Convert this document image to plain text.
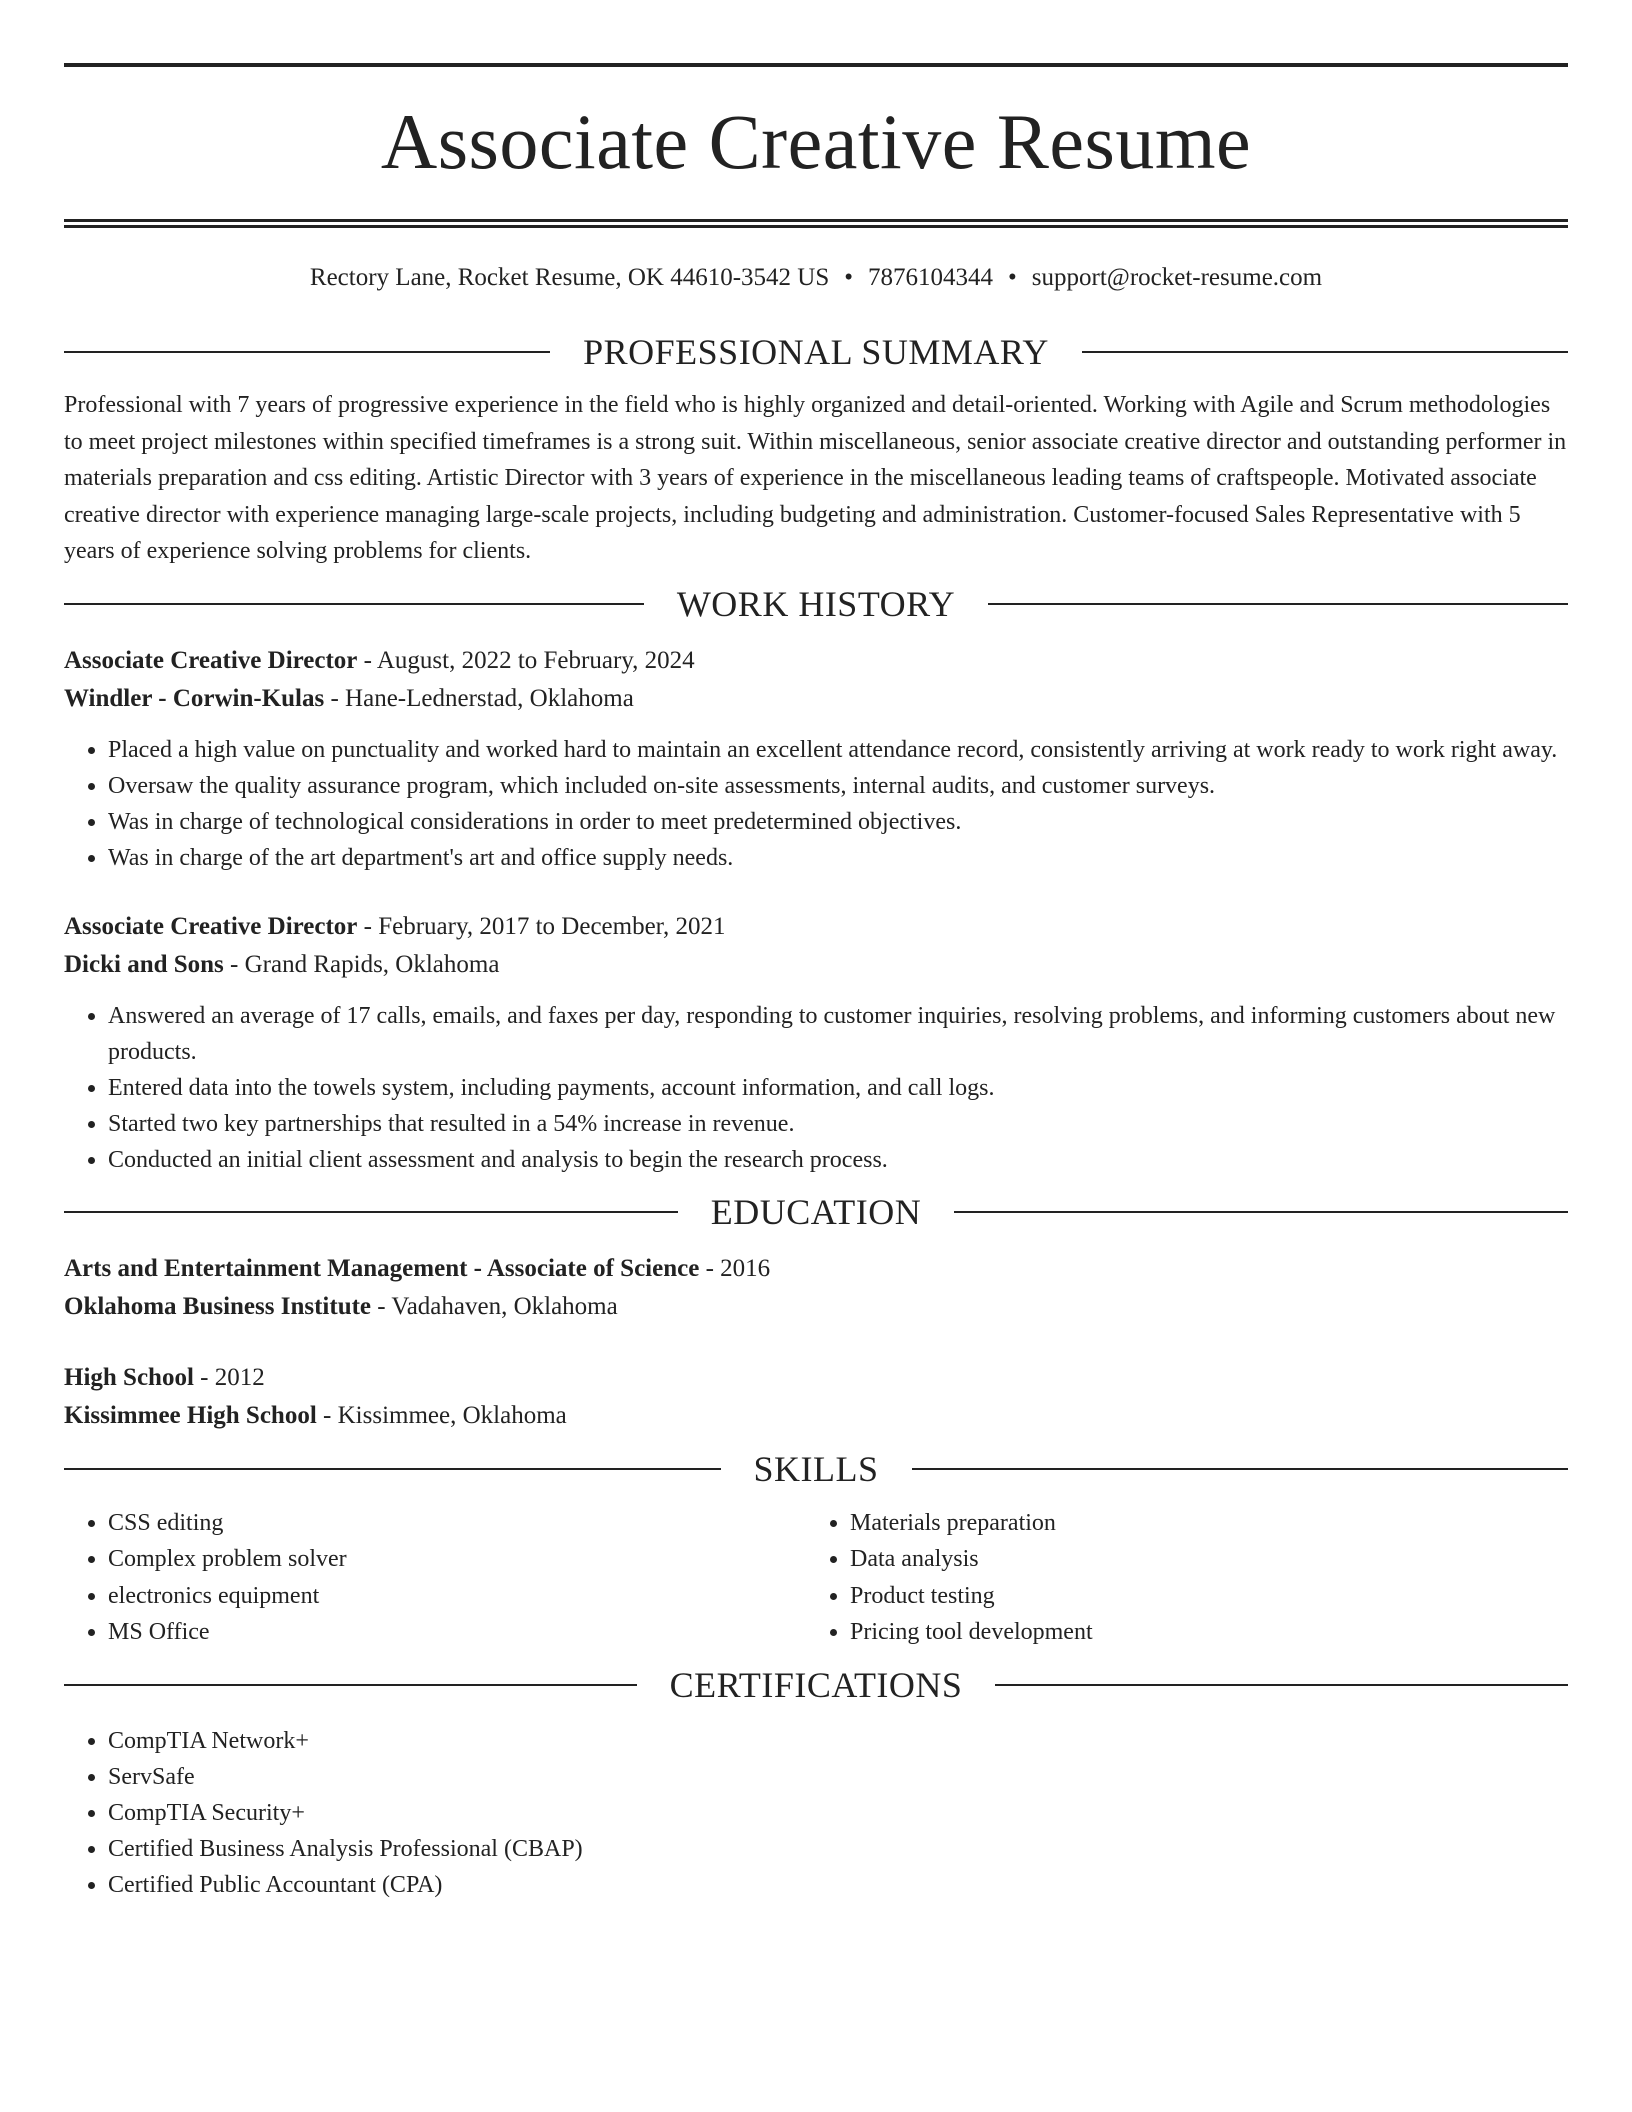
Associate Creative Resume
Rectory Lane, Rocket Resume, OK 44610-3542 US • 7876104344 • support@rocket-resume.com
PROFESSIONAL SUMMARY

Professional with 7 years of progressive experience in the field who is highly organized and detail-oriented. Working with Agile and Scrum methodologies to meet project milestones within specified timeframes is a strong suit. Within miscellaneous, senior associate creative director and outstanding performer in materials preparation and css editing. Artistic Director with 3 years of experience in the miscellaneous leading teams of craftspeople. Motivated associate creative director with experience managing large-scale projects, including budgeting and administration. Customer-focused Sales Representative with 5 years of experience solving problems for clients.

WORK HISTORY
Associate Creative Director - August, 2022 to February, 2024
Windler - Corwin-Kulas - Hane-Lednerstad, Oklahoma
• Placed a high value on punctuality and worked hard to maintain an excellent attendance record, consistently arriving at work ready to work right away.
• Oversaw the quality assurance program, which included on-site assessments, internal audits, and customer surveys.
• Was in charge of technological considerations in order to meet predetermined objectives.
• Was in charge of the art department's art and office supply needs.
Associate Creative Director - February, 2017 to December, 2021
Dicki and Sons - Grand Rapids, Oklahoma
• Answered an average of 17 calls, emails, and faxes per day, responding to customer inquiries, resolving problems, and informing customers about new products.
• Entered data into the towels system, including payments, account information, and call logs.
• Started two key partnerships that resulted in a 54% increase in revenue.
• Conducted an initial client assessment and analysis to begin the research process.
EDUCATION
Arts and Entertainment Management - Associate of Science - 2016
Oklahoma Business Institute - Vadahaven, Oklahoma
High School - 2012
Kissimmee High School - Kissimmee, Oklahoma
SKILLS
• CSS editing
• Complex problem solver
• electronics equipment
• MS Office
• Materials preparation
• Data analysis
• Product testing
• Pricing tool development
CERTIFICATIONS
• CompTIA Network+
• ServSafe
• CompTIA Security+
• Certified Business Analysis Professional (CBAP)
• Certified Public Accountant (CPA)
